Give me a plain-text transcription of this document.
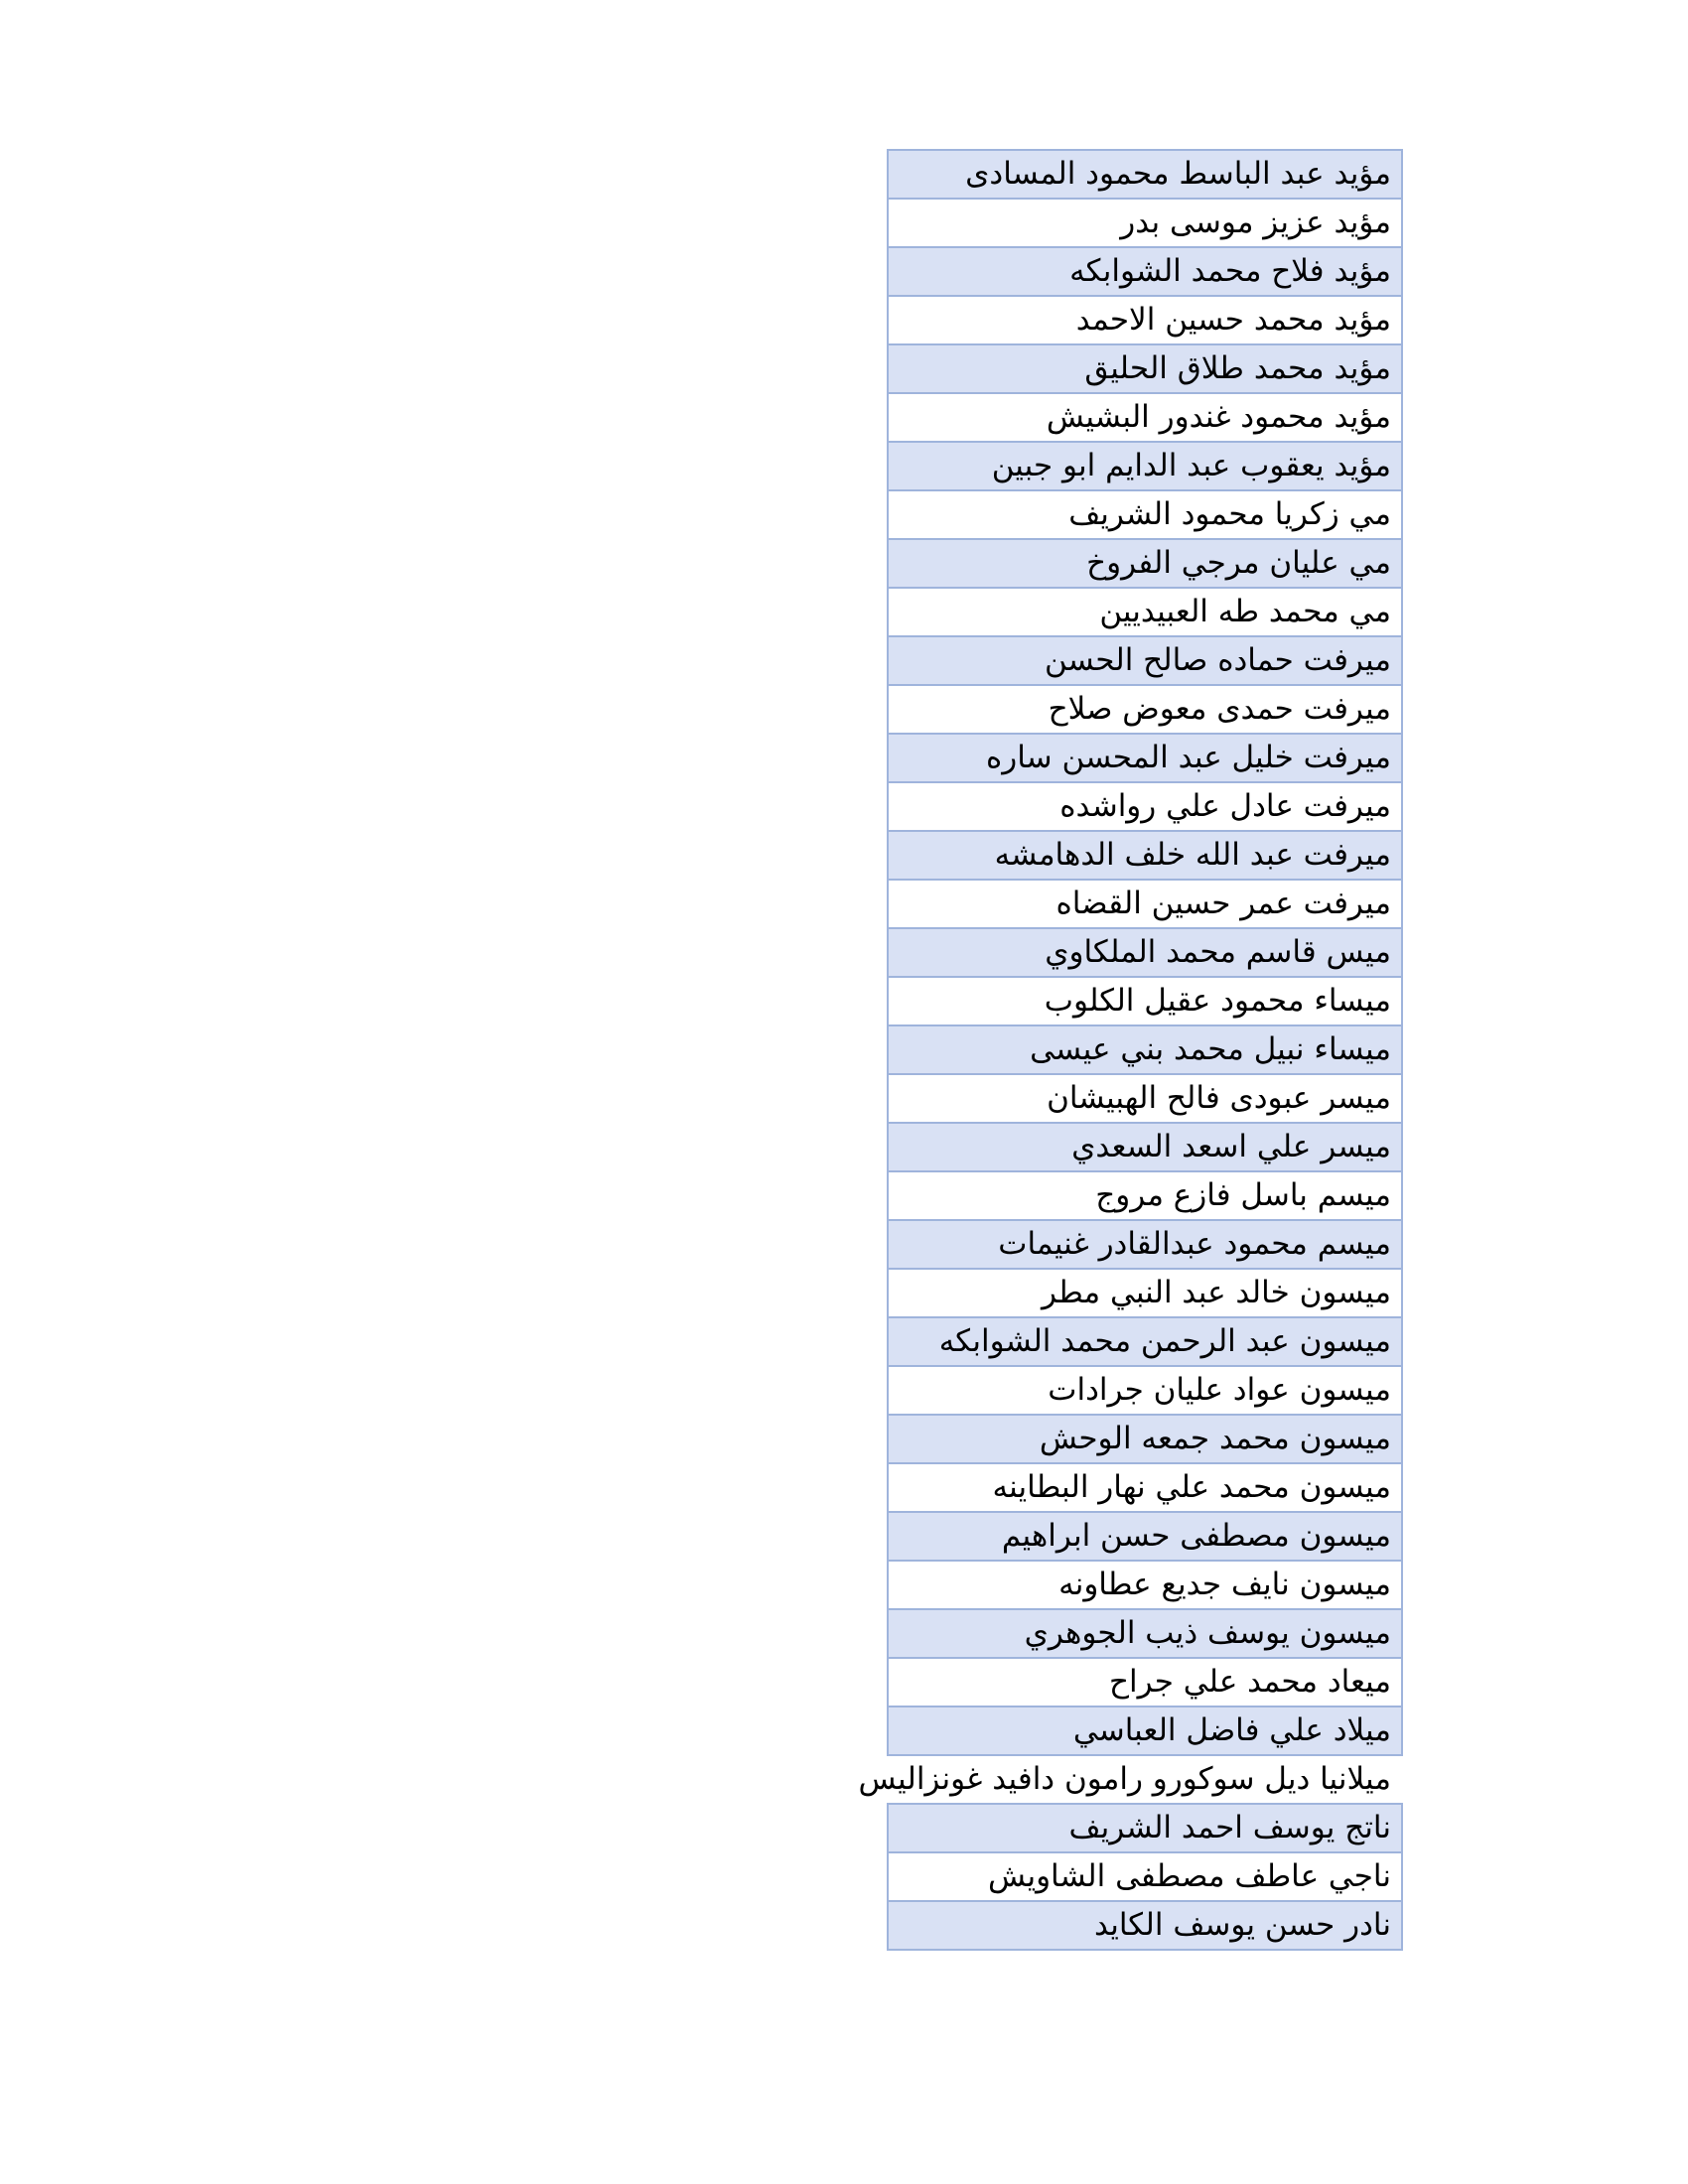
مؤيد عبد الباسط محمود المسادى
مؤيد عزيز موسى بدر
مؤيد فلاح محمد الشوابكه
مؤيد محمد حسين الاحمد
مؤيد محمد طلاق الحليق
مؤيد محمود غندور البشيش
مؤيد يعقوب عبد الدايم ابو جبين
مي زكريا محمود الشريف
مي عليان مرجي الفروخ
مي محمد طه العبيديين
ميرفت حماده صالح الحسن
ميرفت حمدى معوض صلاح
ميرفت خليل عبد المحسن ساره
ميرفت عادل علي رواشده
ميرفت عبد الله خلف الدهامشه
ميرفت عمر حسين القضاه
ميس قاسم محمد الملكاوي
ميساء محمود عقيل الكلوب
ميساء نبيل محمد بني عيسى
ميسر عبودى فالح الهبيشان
ميسر علي اسعد السعدي
ميسم باسل فازع مروج
ميسم محمود عبدالقادر غنيمات
ميسون خالد عبد النبي مطر
ميسون عبد الرحمن محمد الشوابكه
ميسون عواد عليان جرادات
ميسون محمد جمعه الوحش
ميسون محمد علي نهار البطاينه
ميسون مصطفى حسن ابراهيم
ميسون نايف جديع عطاونه
ميسون يوسف ذيب الجوهري
ميعاد محمد علي جراح
ميلاد علي فاضل العباسي
ميلانيا ديل سوكورو رامون دافيد غونزاليس
ناتج يوسف احمد الشريف
ناجي عاطف مصطفى الشاويش
نادر حسن يوسف الكايد
